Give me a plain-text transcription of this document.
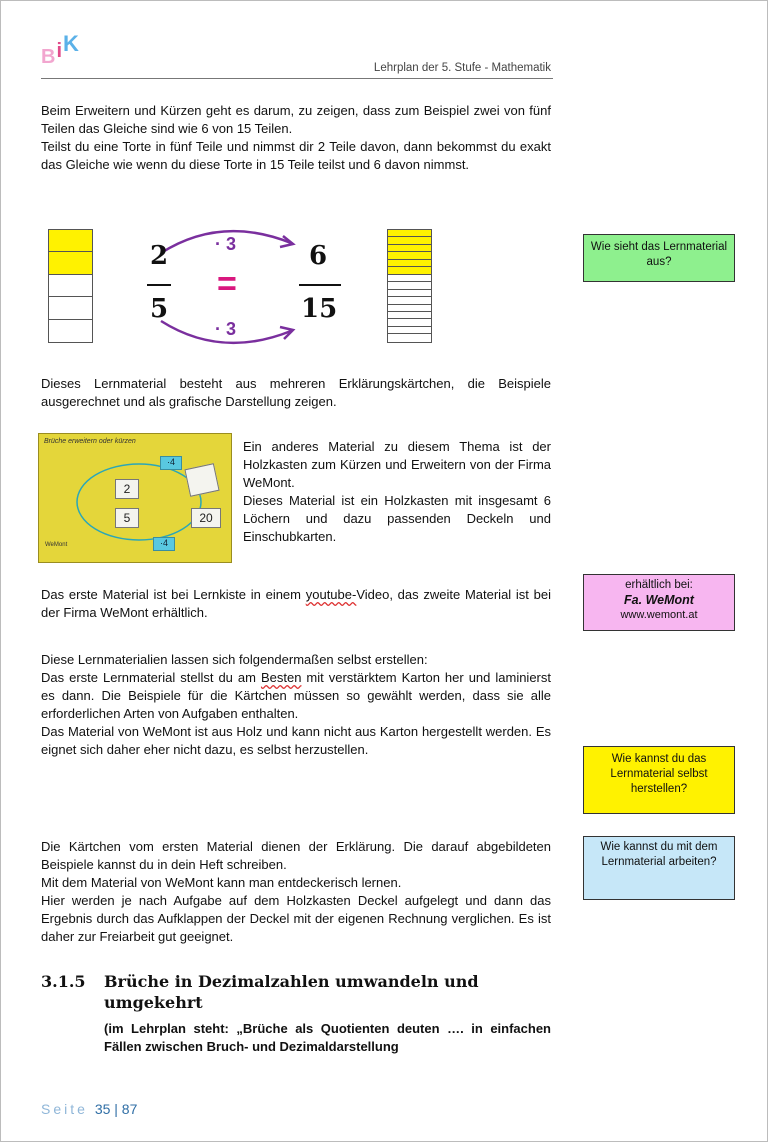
BiK
Lehrplan der 5. Stufe - Mathematik

Beim Erweitern und Kürzen geht es darum, zu zeigen, dass zum Beispiel zwei von fünf Teilen das Gleiche sind wie 6 von 15 Teilen.

Teilst du eine Torte in fünf Teile und nimmst dir 2 Teile davon, dann bekommst du exakt das Gleiche wie wenn du diese Torte in 15 Teile teilst und 6 davon nimmst.

· 3
· 3
2
5
=
6
15
Wie sieht das Lernmaterial aus?
Dieses Lernmaterial besteht aus mehreren Erklärungskärtchen, die Beispiele ausgerechnet und als grafische Darstellung zeigen.
Brüche erweitern oder kürzen
·4
2
5	20
·4
WeMont

Ein anderes Material zu diesem Thema ist der Holzkasten zum Kürzen und Erweitern von der Firma WeMont.

Dieses Material ist ein Holzkasten mit insgesamt 6 Löchern und dazu passenden Deckeln und Einschubkarten.

Das erste Material ist bei Lernkiste in einem youtube-Video, das zweite Material ist bei der Firma WeMont erhältlich.
erhältlich bei:
Fa. WeMont
www.wemont.at

Diese Lernmaterialien lassen sich folgendermaßen selbst erstellen:

Das erste Lernmaterial stellst du am Besten mit verstärktem Karton her und laminierst es dann. Die Beispiele für die Kärtchen müssen so gewählt werden, dass sie alle erforderlichen Arten von Aufgaben enthalten.

Das Material von WeMont ist aus Holz und kann nicht aus Karton hergestellt werden. Es eignet sich daher eher nicht dazu, es selbst herzustellen.

Wie kannst du das Lernmaterial selbst herstellen?

Die Kärtchen vom ersten Material dienen der Erklärung. Die darauf abgebildeten Beispiele kannst du in dein Heft schreiben.

Mit dem Material von WeMont kann man entdeckerisch lernen.

Hier werden je nach Aufgabe auf dem Holzkasten Deckel aufgelegt und dann das Ergebnis durch das Aufklappen der Deckel mit der eigenen Rechnung verglichen. Es ist daher zur Freiarbeit gut geeignet.

Wie kannst du mit dem Lernmaterial arbeiten?
3.1.5 Brüche in Dezimalzahlen umwandeln und umgekehrt
(im Lehrplan steht: „Brüche als Quotienten deuten …. in einfachen Fällen zwischen Bruch- und Dezimaldarstellung
Seite 35 | 87
